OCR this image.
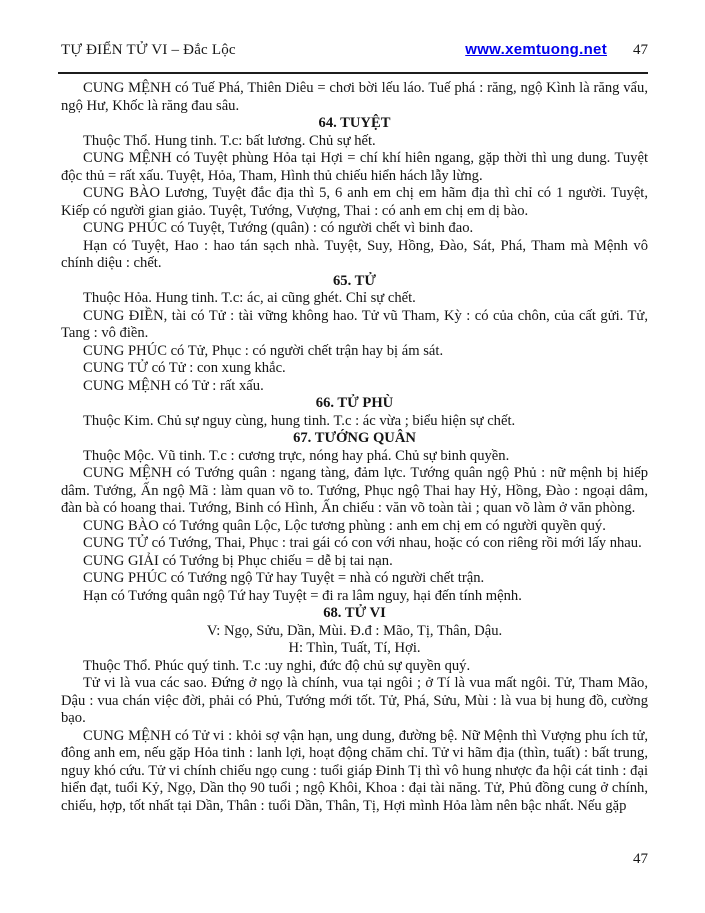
TỰ ĐIỂN TỬ VI – Đắc Lộc	www.xemtuong.net 47

CUNG MỆNH có Tuế Phá, Thiên Diêu = chơi bời lếu láo. Tuế phá : răng, ngộ Kình là răng vẩu, ngộ Hư, Khốc là răng đau sâu.

64. TUYỆT

Thuộc Thổ. Hung tinh. T.c: bất lương. Chủ sự hết.

CUNG MỆNH có Tuyệt phùng Hỏa tại Hợi = chí khí hiên ngang, gặp thời thì ung dung. Tuyệt độc thủ = rất xấu. Tuyệt, Hỏa, Tham, Hình thủ chiếu hiển hách lẫy lừng.

CUNG BÀO Lương, Tuyệt đắc địa thì 5, 6 anh em chị em hãm địa thì chỉ có 1 người. Tuyệt, Kiếp có người gian giảo. Tuyệt, Tướng, Vượng, Thai : có anh em chị em dị bào.

CUNG PHÚC có Tuyệt, Tướng (quân) : có người chết vì binh đao.

Hạn có Tuyệt, Hao : hao tán sạch nhà. Tuyệt, Suy, Hồng, Đào, Sát, Phá, Tham mà Mệnh vô chính diệu : chết.

65. TỬ

Thuộc Hỏa. Hung tinh. T.c: ác, ai cũng ghét. Chỉ sự chết.

CUNG ĐIỀN, tài có Tử : tài vững không hao. Tử vũ Tham, Kỳ : có của chôn, của cất gửi. Tử, Tang : vô điền.

CUNG PHÚC có Tử, Phục : có người chết trận hay bị ám sát.

CUNG TỬ có Tử : con xung khắc.

CUNG MỆNH có Tử : rất xấu.

66. TỬ PHÙ

Thuộc Kim. Chủ sự nguy cùng, hung tinh. T.c : ác vừa ; biểu hiện sự chết.

67. TƯỚNG QUÂN

Thuộc Mộc. Vũ tinh. T.c : cương trực, nóng hay phá. Chủ sự binh quyền.

CUNG MỆNH có Tướng quân : ngang tàng, đảm lực. Tướng quân ngộ Phủ : nữ mệnh bị hiếp dâm. Tướng, Ấn ngộ Mã : làm quan võ to. Tướng, Phục ngộ Thai hay Hỷ, Hồng, Đào : ngoại dâm, đàn bà có hoang thai. Tướng, Binh có Hình, Ấn chiếu : văn võ toàn tài ; quan võ làm ở văn phòng.

CUNG BÀO có Tướng quân Lộc, Lộc tương phùng : anh em chị em có người quyền quý.

CUNG TỬ có Tướng, Thai, Phục : trai gái có con với nhau, hoặc có con riêng rồi mới lấy nhau.

CUNG GIẢI có Tướng bị Phục chiếu = dễ bị tai nạn.

CUNG PHÚC có Tướng ngộ Tử hay Tuyệt = nhà có người chết trận.

Hạn có Tướng quân ngộ Tứ hay Tuyệt = đi ra lâm nguy, hại đến tính mệnh.

68. TỬ VI
V: Ngọ, Sửu, Dần, Mùi. Đ.đ : Mão, Tị, Thân, Dậu.
H: Thìn, Tuất, Tí, Hợi.

Thuộc Thổ. Phúc quý tinh. T.c :uy nghi, đức độ chủ sự quyền quý.

Tử vi là vua các sao. Đứng ở ngọ là chính, vua tại ngôi ; ở Tí là vua mất ngôi. Tử, Tham Mão, Dậu : vua chán việc đời, phải có Phủ, Tướng mới tốt. Tử, Phá, Sửu, Mùi : là vua bị hung đồ, cường bạo.

CUNG MỆNH có Tử vi : khỏi sợ vận hạn, ung dung, đường bệ. Nữ Mệnh thì Vượng phu ích tử, đông anh em, nếu gặp Hỏa tinh : lanh lợi, hoạt động chăm chỉ. Tử vi hãm địa (thìn, tuất) : bất trung, nguy khó cứu. Tử vi chính chiếu ngọ cung : tuổi giáp Đinh Tị thì vô hung nhược đa hội cát tinh : đại hiển đạt, tuổi Kỷ, Ngọ, Dần thọ 90 tuổi ; ngộ Khôi, Khoa : đại tài năng. Tử, Phủ đồng cung ở chính, chiếu, hợp, tốt nhất tại Dần, Thân : tuổi Dần, Thân, Tị, Hợi mình Hỏa làm nên bậc nhất. Nếu gặp

47
